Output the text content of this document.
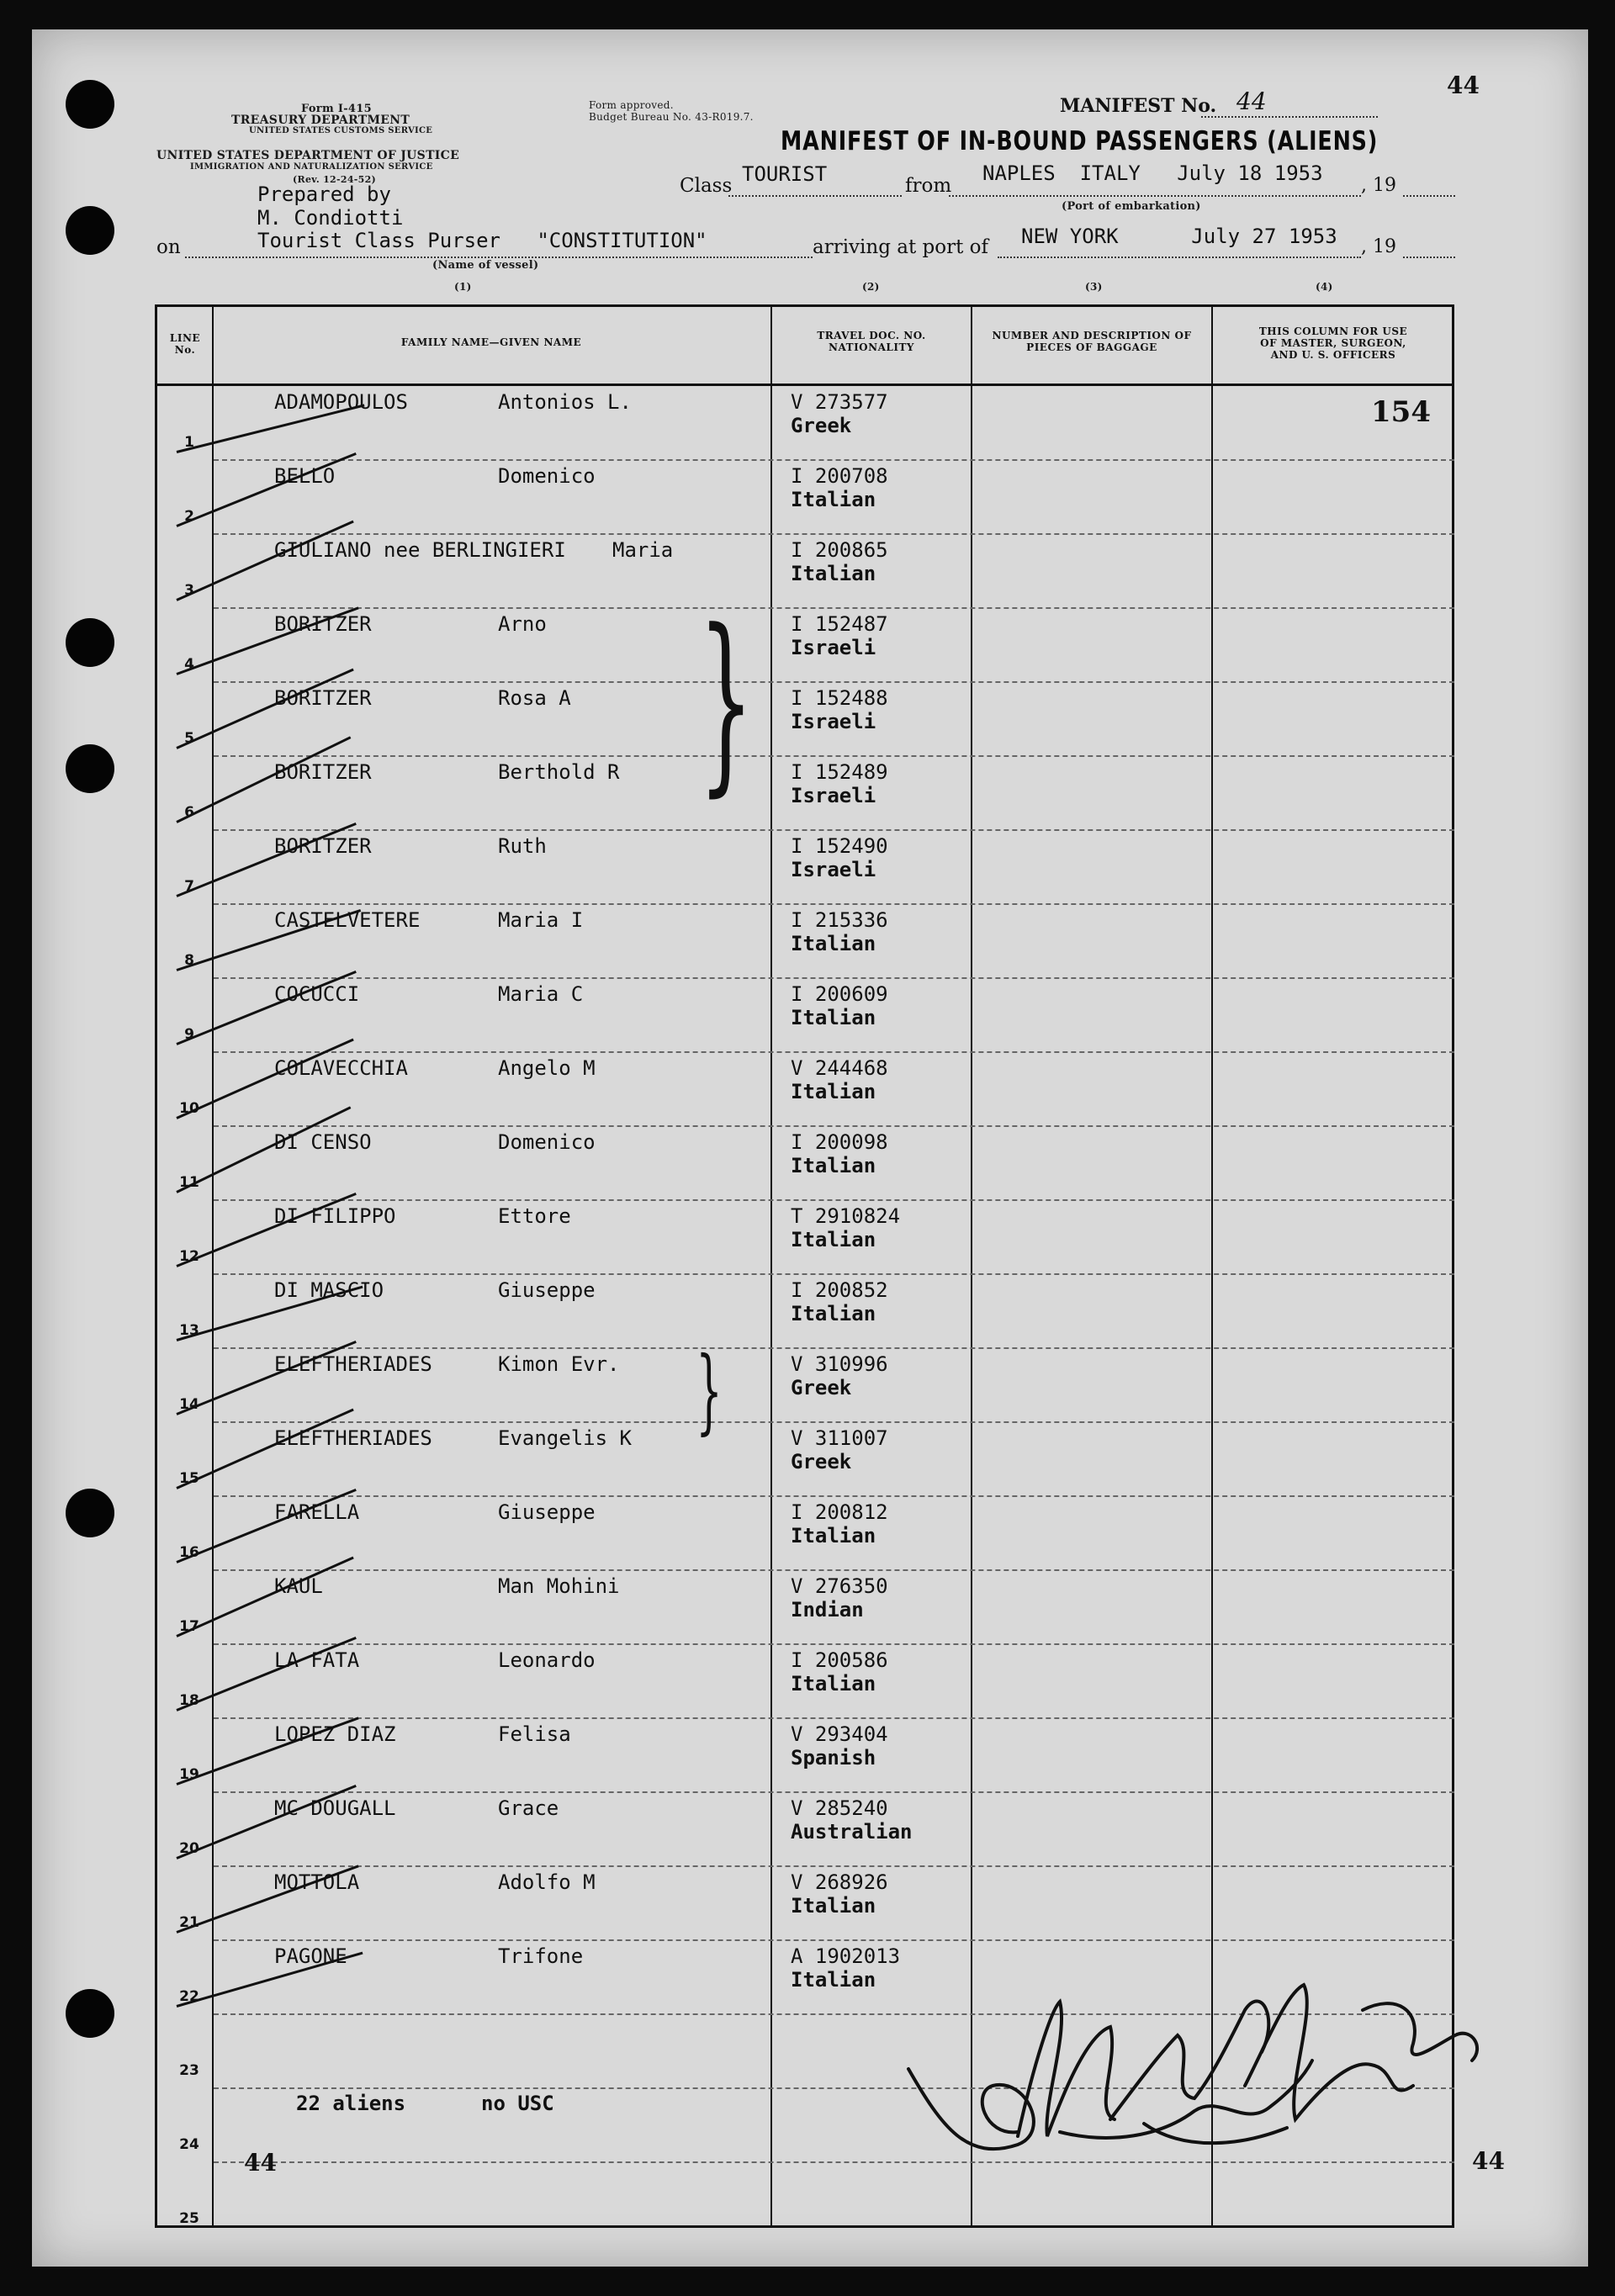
Form I-415
TREASURY DEPARTMENT
UNITED STATES CUSTOMS SERVICE
UNITED STATES DEPARTMENT OF JUSTICE
IMMIGRATION AND NATURALIZATION SERVICE
(Rev. 12-24-52)
Form approved.
Budget Bureau No. 43-R019.7.	MANIFEST No. 44
44
MANIFEST OF IN-BOUND PASSENGERS (ALIENS)
Class TOURIST	from
NAPLES  ITALY   July 18 1953
, 19
(Port of embarkation)
Prepared by
M. Condiotti
on	Tourist Class Purser   "CONSTITUTION"
(Name of vessel)
arriving at port of NEW YORK      July 27 1953 , 19
(1)	(2)	(3)	(4)
LINE No.
FAMILY NAME—GIVEN NAME
TRAVEL DOC. NO.
NATIONALITY
NUMBER AND DESCRIPTION OF
PIECES OF BAGGAGE
THIS COLUMN FOR USE
OF MASTER, SURGEON,
AND U. S. OFFICERS
154
1
ADAMOPOULOS	Antonios L.	V 273577
Greek
2
BELLO	Domenico	I 200708
Italian
3
GIULIANO nee BERLINGIERI Maria	I 200865
Italian
4
BORITZER	Arno	I 152487
Israeli
5
BORITZER	Rosa A	I 152488
Israeli
6
BORITZER	Berthold R	I 152489
Israeli
7
BORITZER	Ruth	I 152490
Israeli
8
CASTELVETERE	Maria I	I 215336
Italian
9
COCUCCI	Maria C	I 200609
Italian
10
COLAVECCHIA	Angelo M	V 244468
Italian
11
DI CENSO	Domenico	I 200098
Italian
12
DI FILIPPO	Ettore	T 2910824
Italian
13
DI MASCIO	Giuseppe	I 200852
Italian
14
ELEFTHERIADES	Kimon Evr.	V 310996
Greek
15
ELEFTHERIADES	Evangelis K	V 311007
Greek
16
FARELLA	Giuseppe	I 200812
Italian
17
KAUL	Man Mohini	V 276350
Indian
18
LA FATA	Leonardo	I 200586
Italian
19
LOPEZ DIAZ	Felisa	V 293404
Spanish
20
MC DOUGALL	Grace	V 285240
Australian
21
MOTTOLA	Adolfo M	V 268926
Italian
22
PAGONE	Trifone	A 1902013
Italian
23
24
25
}
}
22 aliens	no USC
44	44
